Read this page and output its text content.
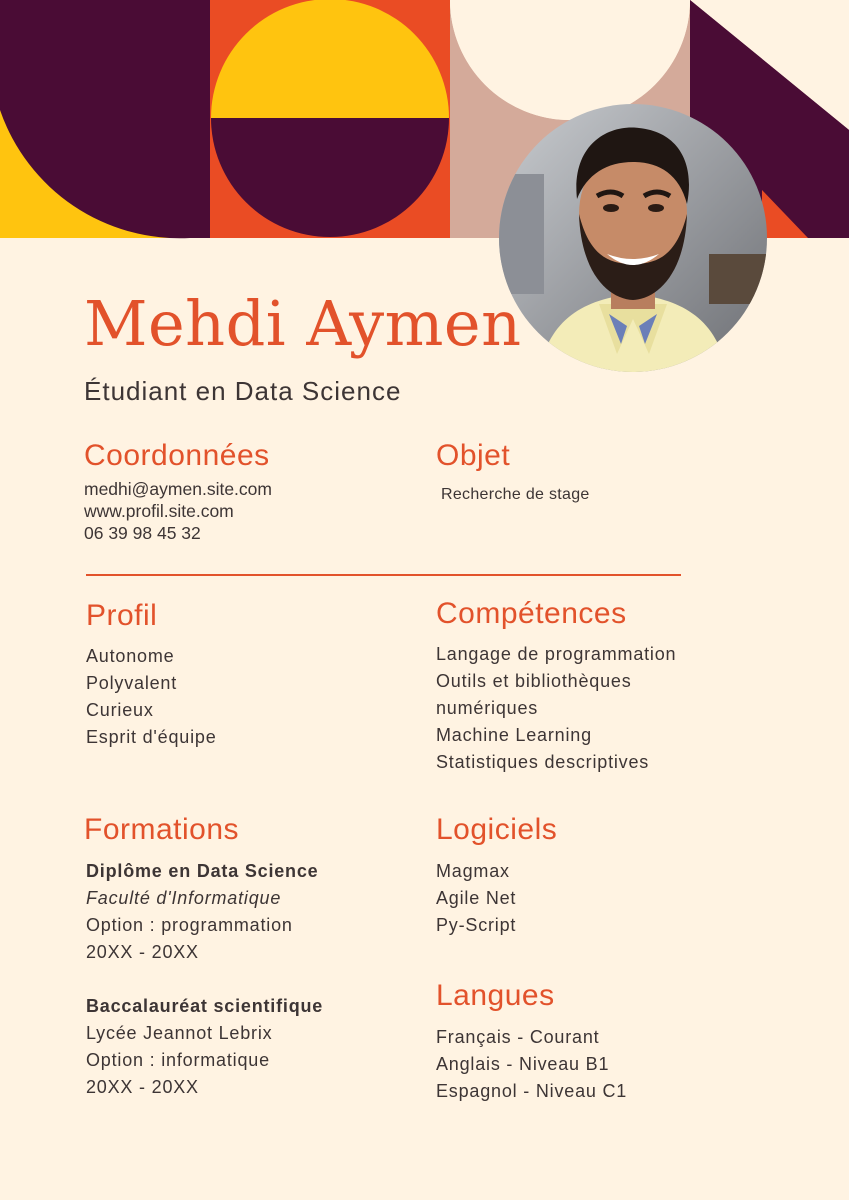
Mehdi Aymen
Étudiant en Data Science
Coordonnées
medhi@aymen.site.com
www.profil.site.com
06 39 98 45 32
Objet
Recherche de stage
Profil
Autonome
Polyvalent
Curieux
Esprit d'équipe
Compétences
Langage de programmation
Outils et bibliothèques
numériques
Machine Learning
Statistiques descriptives
Formations
Diplôme en Data Science
Faculté d'Informatique
Option : programmation
20XX - 20XX
Baccalauréat scientifique
Lycée Jeannot Lebrix
Option : informatique
20XX - 20XX
Logiciels
Magmax
Agile Net
Py-Script
Langues
Français - Courant
Anglais - Niveau B1
Espagnol - Niveau C1
